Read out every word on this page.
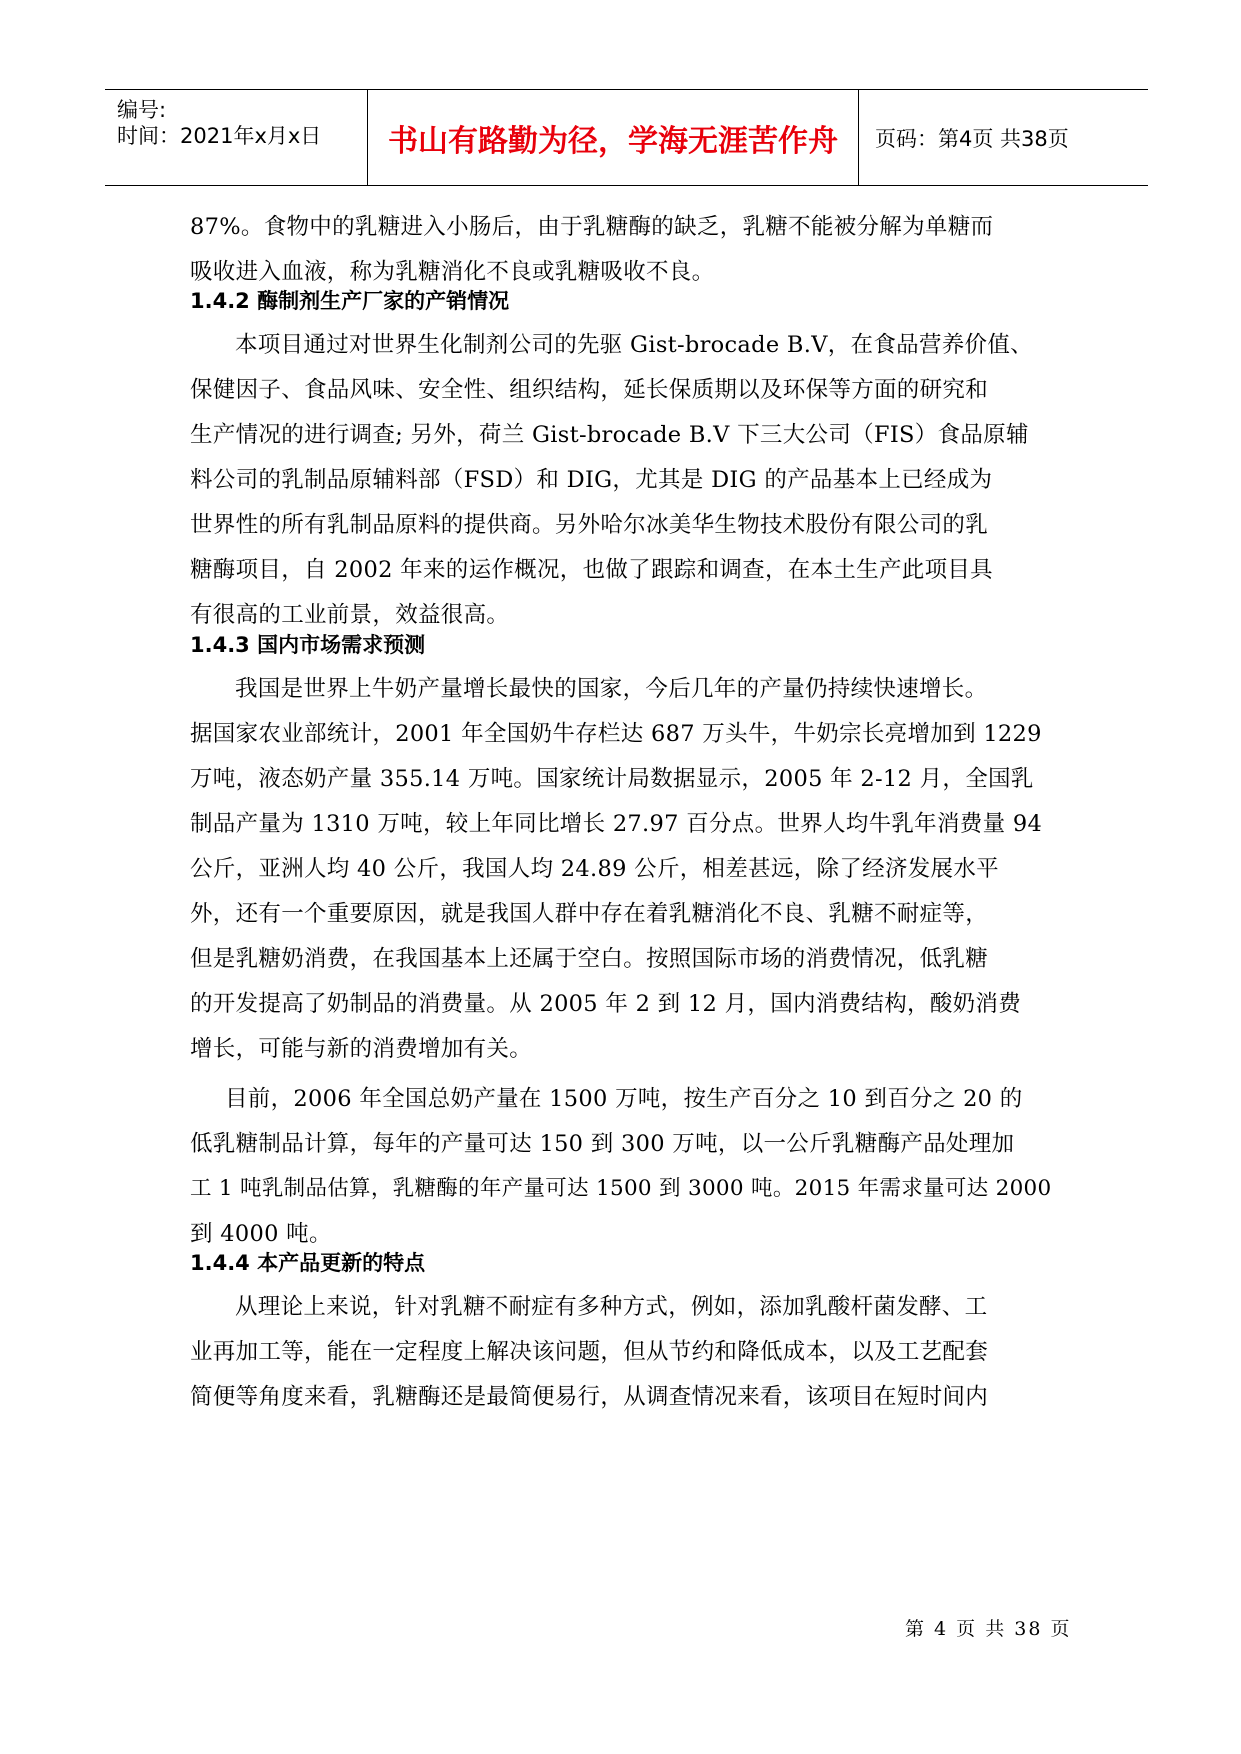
编号:
时间：2021年x月x日	书山有路勤为径，学海无涯苦作舟	页码：第4页 共38页
87%。食物中的乳糖进入小肠后，由于乳糖酶的缺乏，乳糖不能被分解为单糖而
吸收进入血液，称为乳糖消化不良或乳糖吸收不良。
1.4.2 酶制剂生产厂家的产销情况
本项目通过对世界生化制剂公司的先驱 Gist-brocade B.V，在食品营养价值、
保健因子、食品风味、安全性、组织结构，延长保质期以及环保等方面的研究和
生产情况的进行调查; 另外，荷兰 Gist-brocade B.V 下三大公司（FIS）食品原辅
料公司的乳制品原辅料部（FSD）和 DIG，尤其是 DIG 的产品基本上已经成为
世界性的所有乳制品原料的提供商。另外哈尔冰美华生物技术股份有限公司的乳
糖酶项目，自 2002 年来的运作概况，也做了跟踪和调查，在本土生产此项目具
有很高的工业前景，效益很高。
1.4.3 国内市场需求预测
我国是世界上牛奶产量增长最快的国家，今后几年的产量仍持续快速增长。
据国家农业部统计，2001 年全国奶牛存栏达 687 万头牛，牛奶宗长亮增加到 1229
万吨，液态奶产量 355.14 万吨。国家统计局数据显示，2005 年 2-12 月，全国乳
制品产量为 1310 万吨，较上年同比增长 27.97 百分点。世界人均牛乳年消费量 94
公斤，亚洲人均 40 公斤，我国人均 24.89 公斤，相差甚远，除了经济发展水平
外，还有一个重要原因，就是我国人群中存在着乳糖消化不良、乳糖不耐症等，
但是乳糖奶消费，在我国基本上还属于空白。按照国际市场的消费情况，低乳糖
的开发提高了奶制品的消费量。从 2005 年 2 到 12 月，国内消费结构，酸奶消费
增长，可能与新的消费增加有关。
目前，2006 年全国总奶产量在 1500 万吨，按生产百分之 10 到百分之 20 的
低乳糖制品计算，每年的产量可达 150 到 300 万吨，以一公斤乳糖酶产品处理加
工 1 吨乳制品估算，乳糖酶的年产量可达 1500 到 3000 吨。2015 年需求量可达 2000
到 4000 吨。
1.4.4 本产品更新的特点
从理论上来说，针对乳糖不耐症有多种方式，例如，添加乳酸杆菌发酵、工
业再加工等，能在一定程度上解决该问题，但从节约和降低成本，以及工艺配套
简便等角度来看，乳糖酶还是最简便易行，从调查情况来看，该项目在短时间内
第 4 页 共 38 页
